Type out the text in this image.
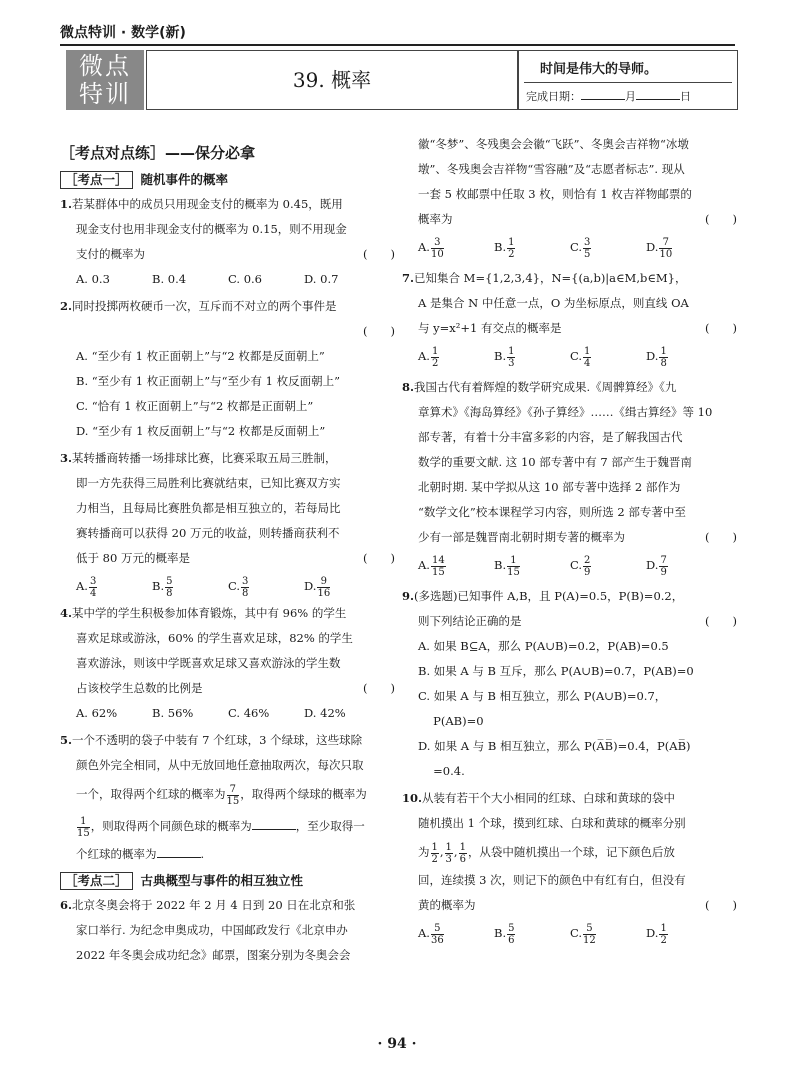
微点特训 · 数学(新)
微点
特训	39. 概率	时间是伟大的导师。
完成日期：	月	日
［考点对点练］——保分必拿
［考点一］ 随机事件的概率
1.若某群体中的成员只用现金支付的概率为 0.45，既用
现金支付也用非现金支付的概率为 0.15，则不用现金
支付的概率为	(　　)
A. 0.3	B. 0.4	C. 0.6	D. 0.7
2.同时投掷两枚硬币一次，互斥而不对立的两个事件是
(　　)

A. “至少有 1 枚正面朝上”与“2 枚都是反面朝上”
B. “至少有 1 枚正面朝上”与“至少有 1 枚反面朝上”
C. “恰有 1 枚正面朝上”与“2 枚都是正面朝上”
D. “至少有 1 枚反面朝上”与“2 枚都是反面朝上”
3.某转播商转播一场排球比赛，比赛采取五局三胜制，
即一方先获得三局胜利比赛就结束，已知比赛双方实
力相当，且每局比赛胜负都是相互独立的，若每局比
赛转播商可以获得 20 万元的收益，则转播商获利不
低于 80 万元的概率是	(　　)
A. $\frac{3}{4}$	B. $\frac{5}{8}$	C. $\frac{3}{8}$	D. $\frac{9}{16}$
4.某中学的学生积极参加体育锻炼，其中有 96% 的学生
喜欢足球或游泳，60% 的学生喜欢足球，82% 的学生
喜欢游泳，则该中学既喜欢足球又喜欢游泳的学生数
占该校学生总数的比例是	(　　)
A. 62%	B. 56%	C. 46%	D. 42%
5.一个不透明的袋子中装有 7 个红球，3 个绿球，这些球除
颜色外完全相同，从中无放回地任意抽取两次，每次只取
一个，取得两个红球的概率为 $\frac{7}{15}$ ，取得两个绿球的概率为
$\frac{1}{15}$ ，则取得两个同颜色球的概率为	，至少取得一
个红球的概率为	.
［考点二］ 古典概型与事件的相互独立性
6.北京冬奥会将于 2022 年 2 月 4 日到 20 日在北京和张
家口举行. 为纪念申奥成功，中国邮政发行《北京申办
2022 年冬奥会成功纪念》邮票，图案分别为冬奥会会
徽“冬梦”、冬残奥会会徽“飞跃”、冬奥会吉祥物“冰墩
墩”、冬残奥会吉祥物“雪容融”及“志愿者标志”. 现从
一套 5 枚邮票中任取 3 枚，则恰有 1 枚吉祥物邮票的
概率为	(　　)
A. $\frac{3}{10}$	B. $\frac{1}{2}$	C. $\frac{3}{5}$	D. $\frac{7}{10}$
7.已知集合 M={1,2,3,4}，N={(a,b)|a∈M,b∈M}，
A 是集合 N 中任意一点，O 为坐标原点，则直线 OA
与 y=x²+1 有交点的概率是	(　　)
A. $\frac{1}{2}$	B. $\frac{1}{3}$	C. $\frac{1}{4}$	D. $\frac{1}{8}$
8.我国古代有着辉煌的数学研究成果.《周髀算经》《九
章算术》《海岛算经》《孙子算经》……《缉古算经》等 10
部专著，有着十分丰富多彩的内容，是了解我国古代
数学的重要文献. 这 10 部专著中有 7 部产生于魏晋南
北朝时期. 某中学拟从这 10 部专著中选择 2 部作为
“数学文化”校本课程学习内容，则所选 2 部专著中至
少有一部是魏晋南北朝时期专著的概率为	(　　)
A. $\frac{14}{15}$	B. $\frac{1}{15}$	C. $\frac{2}{9}$	D. $\frac{7}{9}$
9.(多选题)已知事件 A,B，且 P(A)=0.5，P(B)=0.2，
则下列结论正确的是	(　　)
A. 如果 B⊆A，那么 P(A∪B)=0.2，P(AB)=0.5
B. 如果 A 与 B 互斥，那么 P(A∪B)=0.7，P(AB)=0
C. 如果 A 与 B 相互独立，那么 P(A∪B)=0.7，
　 P(AB)=0
D. 如果 A 与 B 相互独立，那么 P(A̅B̅)=0.4，P(AB̅)
　 =0.4.
10.从装有若干个大小相同的红球、白球和黄球的袋中
随机摸出 1 个球，摸到红球、白球和黄球的概率分别
为 $\frac{1}{2}$ , $\frac{1}{3}$ , $\frac{1}{6}$ ，从袋中随机摸出一个球，记下颜色后放
回，连续摸 3 次，则记下的颜色中有红有白，但没有
黄的概率为	(　　)
A. $\frac{5}{36}$	B. $\frac{5}{6}$	C. $\frac{5}{12}$	D. $\frac{1}{2}$
· 94 ·
